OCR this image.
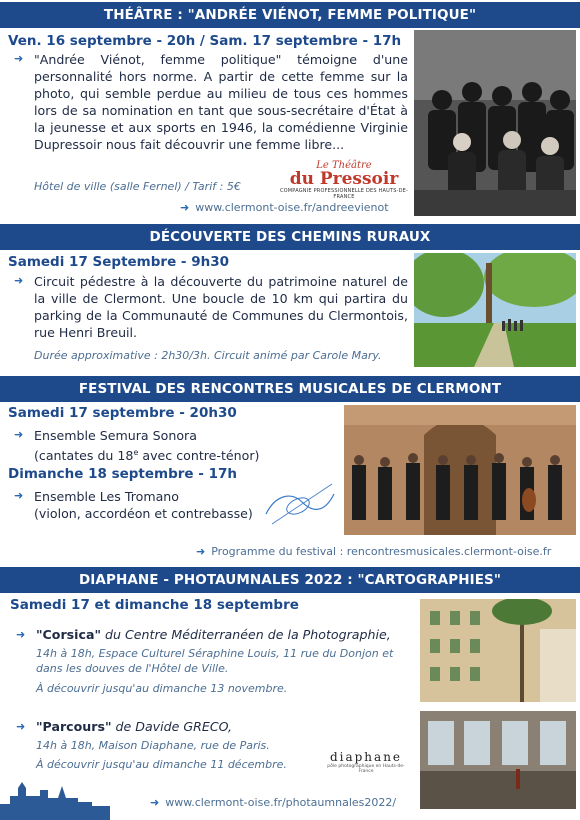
THÉÂTRE : "ANDRÉE VIÉNOT, FEMME POLITIQUE"
Ven. 16 septembre - 20h / Sam. 17 septembre - 17h
➜ "Andrée Viénot, femme politique" témoigne d'une personnalité hors norme. A partir de cette femme sur la photo, qui semble perdue au milieu de tous ces hommes lors de sa nomination en tant que sous-secrétaire d'État à la jeunesse et aux sports en 1946, la comédienne Virginie Dupressoir nous fait découvrir une femme libre...
Hôtel de ville (salle Fernel) / Tarif : 5€
Le Théâtre
du Pressoir
COMPAGNIE PROFESSIONNELLE DES HAUTS-DE-FRANCE
➜ www.clermont-oise.fr/andreevienot
DÉCOUVERTE DES CHEMINS RURAUX
Samedi 17 Septembre - 9h30
➜ Circuit pédestre à la découverte du patrimoine naturel de la ville de Clermont. Une boucle de 10 km qui partira du parking de la Communauté de Communes du Clermontois, rue Henri Breuil.
Durée approximative : 2h30/3h. Circuit animé par Carole Mary.
FESTIVAL DES RENCONTRES MUSICALES DE CLERMONT
Samedi 17 septembre - 20h30
➜ Ensemble Semura Sonora
(cantates du 18e avec contre-ténor)
Dimanche 18 septembre - 17h
➜ Ensemble Les Tromano
(violon, accordéon et contrebasse)
➜ Programme du festival : rencontresmusicales.clermont-oise.fr
DIAPHANE - PHOTAUMNALES 2022 : "CARTOGRAPHIES"
Samedi 17 et dimanche 18 septembre
➜ "Corsica" du Centre Méditerranéen de la Photographie,
14h à 18h, Espace Culturel Séraphine Louis, 11 rue du Donjon et dans les douves de l'Hôtel de Ville.
À découvrir jusqu'au dimanche 13 novembre.
➜ "Parcours" de Davide GRECO,
14h à 18h, Maison Diaphane, rue de Paris.
À découvrir jusqu'au dimanche 11 décembre.
diaphane
pôle photographique en Hauts-de-France
➜ www.clermont-oise.fr/photaumnales2022/
